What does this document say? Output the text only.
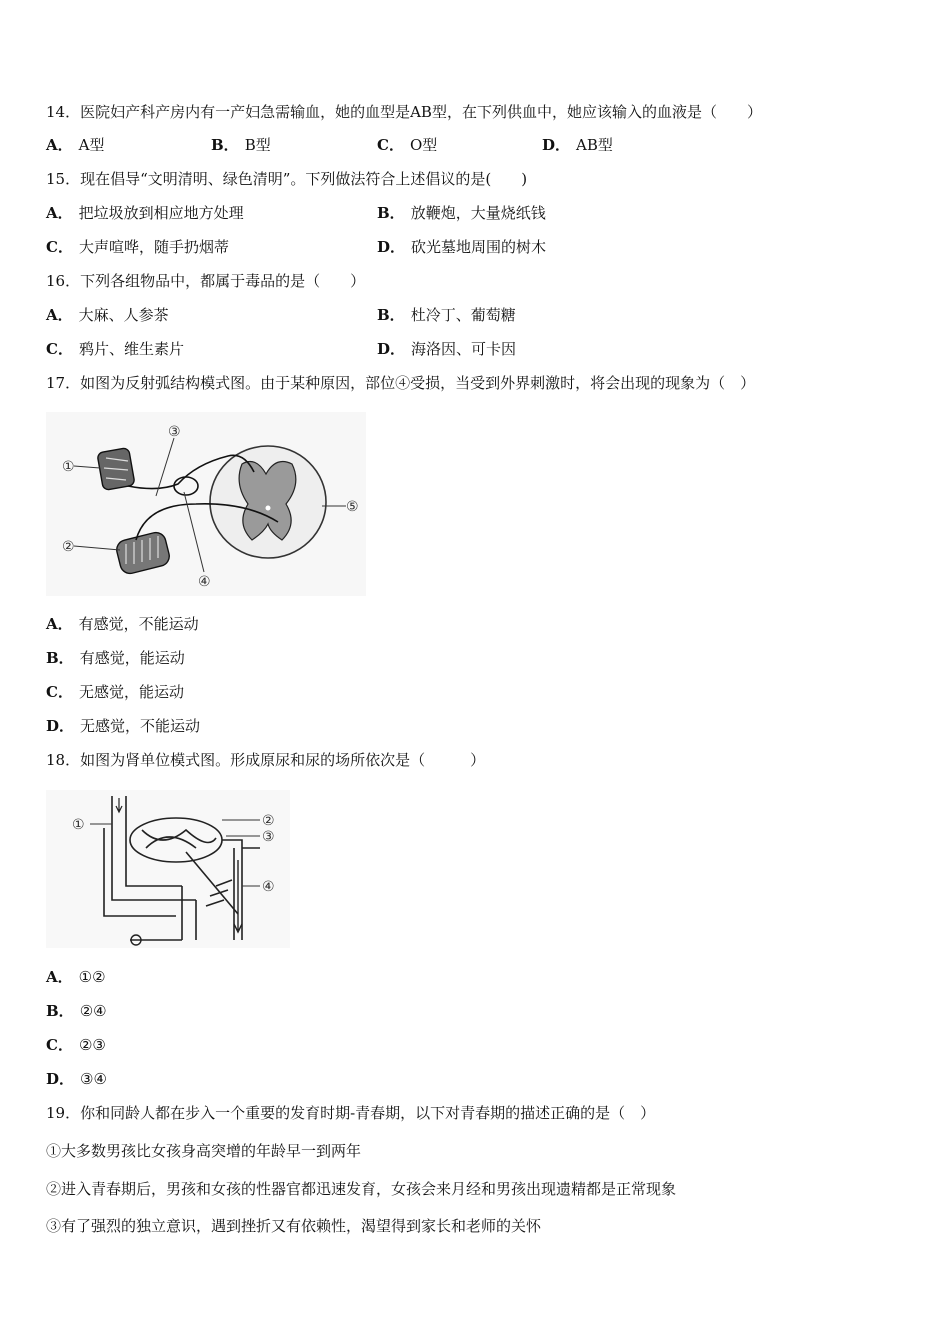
14．医院妇产科产房内有一产妇急需输血，她的血型是AB型，在下列供血中，她应该输入的血液是（　　）
A． A型	B． B型	C． O型	D． AB型
15．现在倡导“文明清明、绿色清明”。下列做法符合上述倡议的是(　　)
A． 把垃圾放到相应地方处理	B． 放鞭炮，大量烧纸钱
C． 大声喧哗，随手扔烟蒂	D． 砍光墓地周围的树木
16．下列各组物品中，都属于毒品的是（　　）
A． 大麻、人参茶	B． 杜冷丁、葡萄糖
C． 鸦片、维生素片	D． 海洛因、可卡因
17．如图为反射弧结构模式图。由于某种原因，部位④受损，当受到外界刺激时，将会出现的现象为（　）
①
②
③
④
⑤
A． 有感觉，不能运动
B． 有感觉，能运动
C． 无感觉，能运动
D． 无感觉，不能运动
18．如图为肾单位模式图。形成原尿和尿的场所依次是（　　　）
①	②
③
④
A． ①②
B． ②④
C． ②③
D． ③④
19．你和同龄人都在步入一个重要的发育时期-青春期，以下对青春期的描述正确的是（　）
①大多数男孩比女孩身高突增的年龄早一到两年
②进入青春期后，男孩和女孩的性器官都迅速发育，女孩会来月经和男孩出现遗精都是正常现象
③有了强烈的独立意识，遇到挫折又有依赖性，渴望得到家长和老师的关怀
